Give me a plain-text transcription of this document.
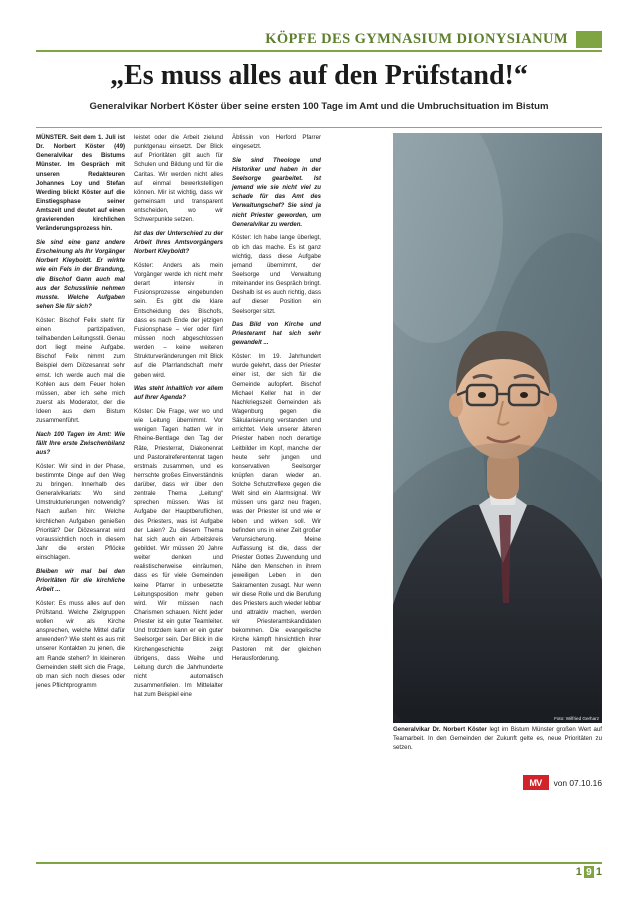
KÖPFE DES GYMNASIUM DIONYSIANUM
„Es muss alles auf den Prüfstand!“
Generalvikar Norbert Köster über seine ersten 100 Tage im Amt und die Umbruchsituation im Bistum

MÜNSTER. Seit dem 1. Juli ist Dr. Norbert Köster (49) Generalvikar des Bistums Münster. Im Gespräch mit unseren Redakteuren Johannes Loy und Stefan Werding blickt Köster auf die Einstiegsphase seiner Amtszeit und deutet auf einen gravierenden kirchlichen Veränderungsprozess hin.

Sie sind eine ganz andere Erscheinung als Ihr Vorgänger Norbert Kleyboldt. Er wirkte wie ein Fels in der Brandung, die Bischof Gann auch mal aus der Schusslinie nehmen musste. Welche Aufgaben sehen Sie für sich?

Köster: Bischof Felix steht für einen partizipativen, teilhabenden Leitungsstil. Genau dort liegt meine Aufgabe. Bischof Felix nimmt zum Beispiel dem Diözesanrat sehr ernst. Ich werde auch mal die Kohlen aus dem Feuer holen müssen, aber ich sehe mich zuerst als Moderator, der die Ideen aus dem Bistum zusammenführt.

Nach 100 Tagen im Amt: Wie fällt Ihre erste Zwischenbilanz aus?

Köster: Wir sind in der Phase, bestimmte Dinge auf den Weg zu bringen. Innerhalb des Generalvikariats: Wo sind Umstrukturierungen notwendig? Nach außen hin: Welche kirchlichen Aufgaben genießen Priorität? Der Diözesanrat wird voraussichtlich noch in diesem Jahr die ersten Pflöcke einschlagen.

Bleiben wir mal bei den Prioritäten für die kirchliche Arbeit ...

Köster: Es muss alles auf den Prüfstand. Welche Zielgruppen wollen wir als Kirche ansprechen, welche Mittel dafür anwenden? Wie steht es aus mit unserer Kontakten zu jenen, die am Rande stehen? In kleineren Gemeinden stellt sich die Frage, ob man sich noch dieses oder jenes Pflichtprogramm

leistet oder die Arbeit zielund punktgenau einsetzt. Der Blick auf Prioritäten gilt auch für Schulen und Bildung und für die Caritas. Wir werden nicht alles auf einmal bewerkstelligen können. Mir ist wichtig, dass wir gemeinsam und transparent entscheiden, wo wir Schwerpunkte setzen.

Ist das der Unterschied zu der Arbeit Ihres Amtsvorgängers Norbert Kleyboldt?

Köster: Anders als mein Vorgänger werde ich nicht mehr derart intensiv in Fusionsprozesse eingebunden sein. Es gibt die klare Entscheidung des Bischofs, dass es nach Ende der jetzigen Fusionsphase – vier oder fünf müssen noch abgeschlossen werden – keine weiteren Strukturveränderungen mit Blick auf die Pfarrlandschaft mehr geben wird.

Was steht inhaltlich vor allem auf Ihrer Agenda?

Köster: Die Frage, wer wo und wie Leitung übernimmt. Vor wenigen Tagen hatten wir in Rheine-Bentlage den Tag der Räte, Priesterrat, Diakonenrat und Pastoralreferentenrat tagen erstmals zusammen, und es herrschte großes Einverständnis darüber, dass wir über den zentrale Thema „Leitung“ sprechen müssen. Was ist Aufgabe der Hauptberuflichen, des Priesters, was ist Aufgabe der Laien? Zu diesem Thema hat sich auch ein Arbeitskreis gebildet. Wir müssen 20 Jahre weiter denken und realistischerweise einräumen, dass es für viele Gemeinden keine Pfarrer in unbesetzte Leitungsposition mehr geben wird. Wir müssen nach Charismen schauen. Nicht jeder Priester ist ein guter Teamleiter. Und trotzdem kann er ein guter Seelsorger sein. Der Blick in die Kirchengeschichte zeigt übrigens, dass Weihe und Leitung durch die Jahrhunderte nicht automatisch zusammenfielen. Im Mittelalter hat zum Beispiel eine

Äbtissin von Herford Pfarrer eingesetzt.

Sie sind Theologe und Historiker und haben in der Seelsorge gearbeitet. Ist jemand wie sie nicht viel zu schade für das Amt des Verwaltungschef? Sie sind ja nicht Priester geworden, um Generalvikar zu werden.

Köster: Ich habe lange überlegt, ob ich das mache. Es ist ganz wichtig, dass diese Aufgabe jemand übernimmt, der Seelsorge und Verwaltung miteinander ins Gespräch bringt. Deshalb ist es auch richtig, dass auf dieser Position ein Seelsorger sitzt.

Das Bild von Kirche und Priesteramt hat sich sehr gewandelt ...

Köster: Im 19. Jahrhundert wurde gelehrt, dass der Priester einer ist, der sich für die Gemeinde aufopfert. Bischof Michael Keller hat in der Nachkriegszeit Gemeinden als Wagenburg gegen die Säkularisierung verstanden und errichtet. Viele unserer älteren Priester haben noch derartige Leitbilder im Kopf, manche der heute sehr jungen und konservativen Seelsorger knüpfen daran wieder an. Solche Schutzreflexe gegen die Welt sind ein Alarmsignal. Wir müssen uns ganz neu fragen, was der Priester ist und wie er leben und wirken soll. Wir befinden uns in einer Zeit großer Verunsicherung. Meine Auffassung ist die, dass der Priester Gottes Zuwendung und Nähe den Menschen in ihrem jeweiligen Leben in den Sakramenten zusagt. Nur wenn wir diese Rolle und die Berufung des Priesters auch wieder lebbar und attraktiv machen, werden wir Priesteramtskandidaten bekommen. Die evangelische Kirche kämpft hinsichtlich ihrer Pastoren mit der gleichen Herausforderung.

Foto: Wilfried Gerharz
Generalvikar Dr. Norbert Köster legt im Bistum Münster großen Wert auf Teamarbeit. In den Gemeinden der Zukunft gelte es, neue Prioritäten zu setzen.
MV	von 07.10.16
1 9 1
